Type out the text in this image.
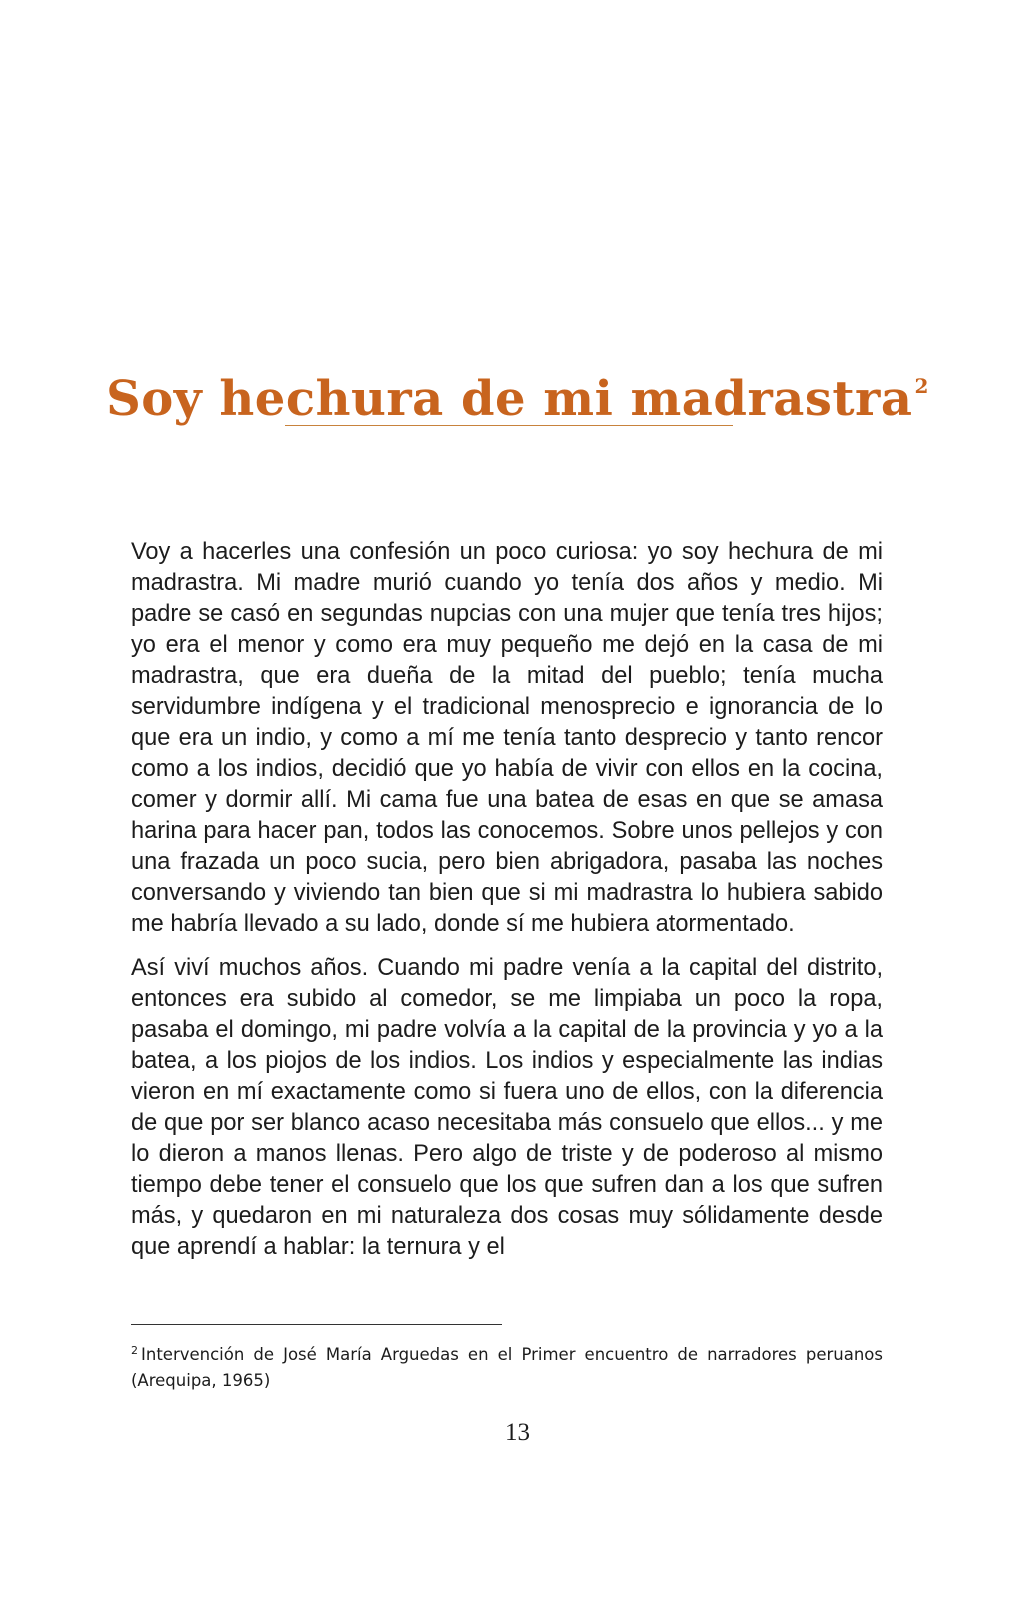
Soy hechura de mi madrastra $^2$

Voy a hacerles una confesión un poco curiosa: yo soy hechura de mi madrastra. Mi madre murió cuando yo tenía dos años y medio. Mi padre se casó en segundas nupcias con una mujer que tenía tres hijos; yo era el menor y como era muy pequeño me dejó en la casa de mi madrastra, que era dueña de la mitad del pueblo; tenía mucha servidumbre indígena y el tradicional menosprecio e ignorancia de lo que era un indio, y como a mí me tenía tanto desprecio y tanto rencor como a los indios, decidió que yo había de vivir con ellos en la cocina, comer y dormir allí. Mi cama fue una batea de esas en que se amasa harina para hacer pan, todos las conocemos. Sobre unos pellejos y con una frazada un poco sucia, pero bien abrigadora, pasaba las noches conversando y viviendo tan bien que si mi madrastra lo hubiera sabido me habría llevado a su lado, donde sí me hubiera atormentado.

Así viví muchos años. Cuando mi padre venía a la capital del distrito, entonces era subido al comedor, se me limpiaba un poco la ropa, pasaba el domingo, mi padre volvía a la capital de la provincia y yo a la batea, a los piojos de los indios. Los indios y especialmente las indias vieron en mí exactamente como si fuera uno de ellos, con la diferencia de que por ser blanco acaso necesitaba más consuelo que ellos... y me lo dieron a manos llenas. Pero algo de triste y de poderoso al mismo tiempo debe tener el consuelo que los que sufren dan a los que sufren más, y quedaron en mi naturaleza dos cosas muy sólidamente desde que aprendí a hablar: la ternura y el

$^2$ Intervención de José María Arguedas en el Primer encuentro de narradores peruanos (Arequipa, 1965)
13
